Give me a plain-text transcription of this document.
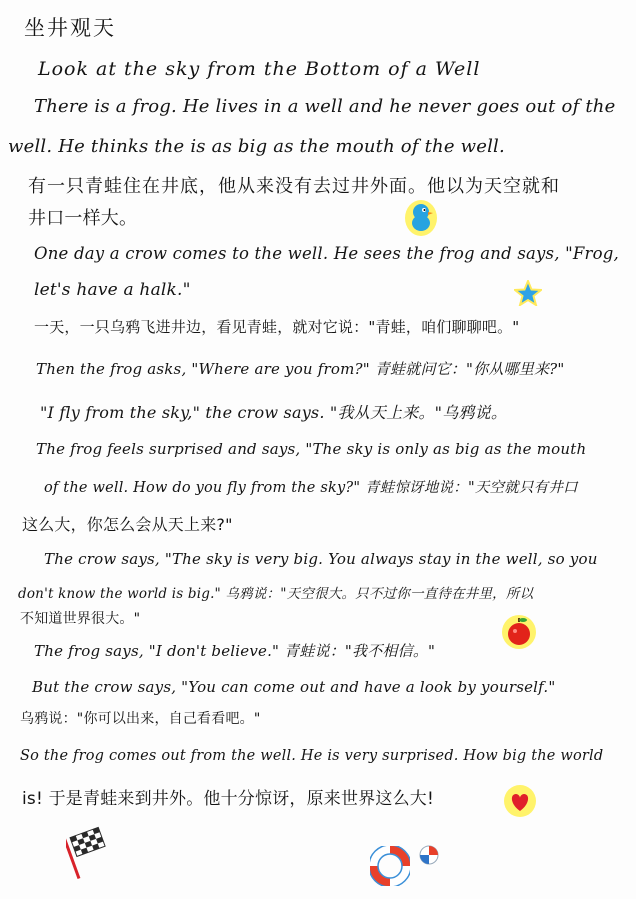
坐井观天
Look at the sky from the Bottom of a Well
There is a frog. He lives in a well and he never goes out of the
well. He thinks the is as big as the mouth of the well.
有一只青蛙住在井底，他从来没有去过井外面。他以为天空就和
井口一样大。
One day a crow comes to the well. He sees the frog and says, "Frog,
let's have a halk."
一天，一只乌鸦飞进井边，看见青蛙，就对它说："青蛙，咱们聊聊吧。"
Then the frog asks, "Where are you from?" 青蛙就问它："你从哪里来?"
"I fly from the sky," the crow says. "我从天上来。"乌鸦说。
The frog feels surprised and says, "The sky is only as big as the mouth
of the well. How do you fly from the sky?" 青蛙惊讶地说："天空就只有井口
这么大，你怎么会从天上来?"
The crow says, "The sky is very big. You always stay in the well, so you
don't know the world is big." 乌鸦说："天空很大。只不过你一直待在井里，所以
不知道世界很大。"
The frog says, "I don't believe." 青蛙说："我不相信。"
But the crow says, "You can come out and have a look by yourself."
乌鸦说："你可以出来，自己看看吧。"
So the frog comes out from the well. He is very surprised. How big the world
is! 于是青蛙来到井外。他十分惊讶，原来世界这么大!
